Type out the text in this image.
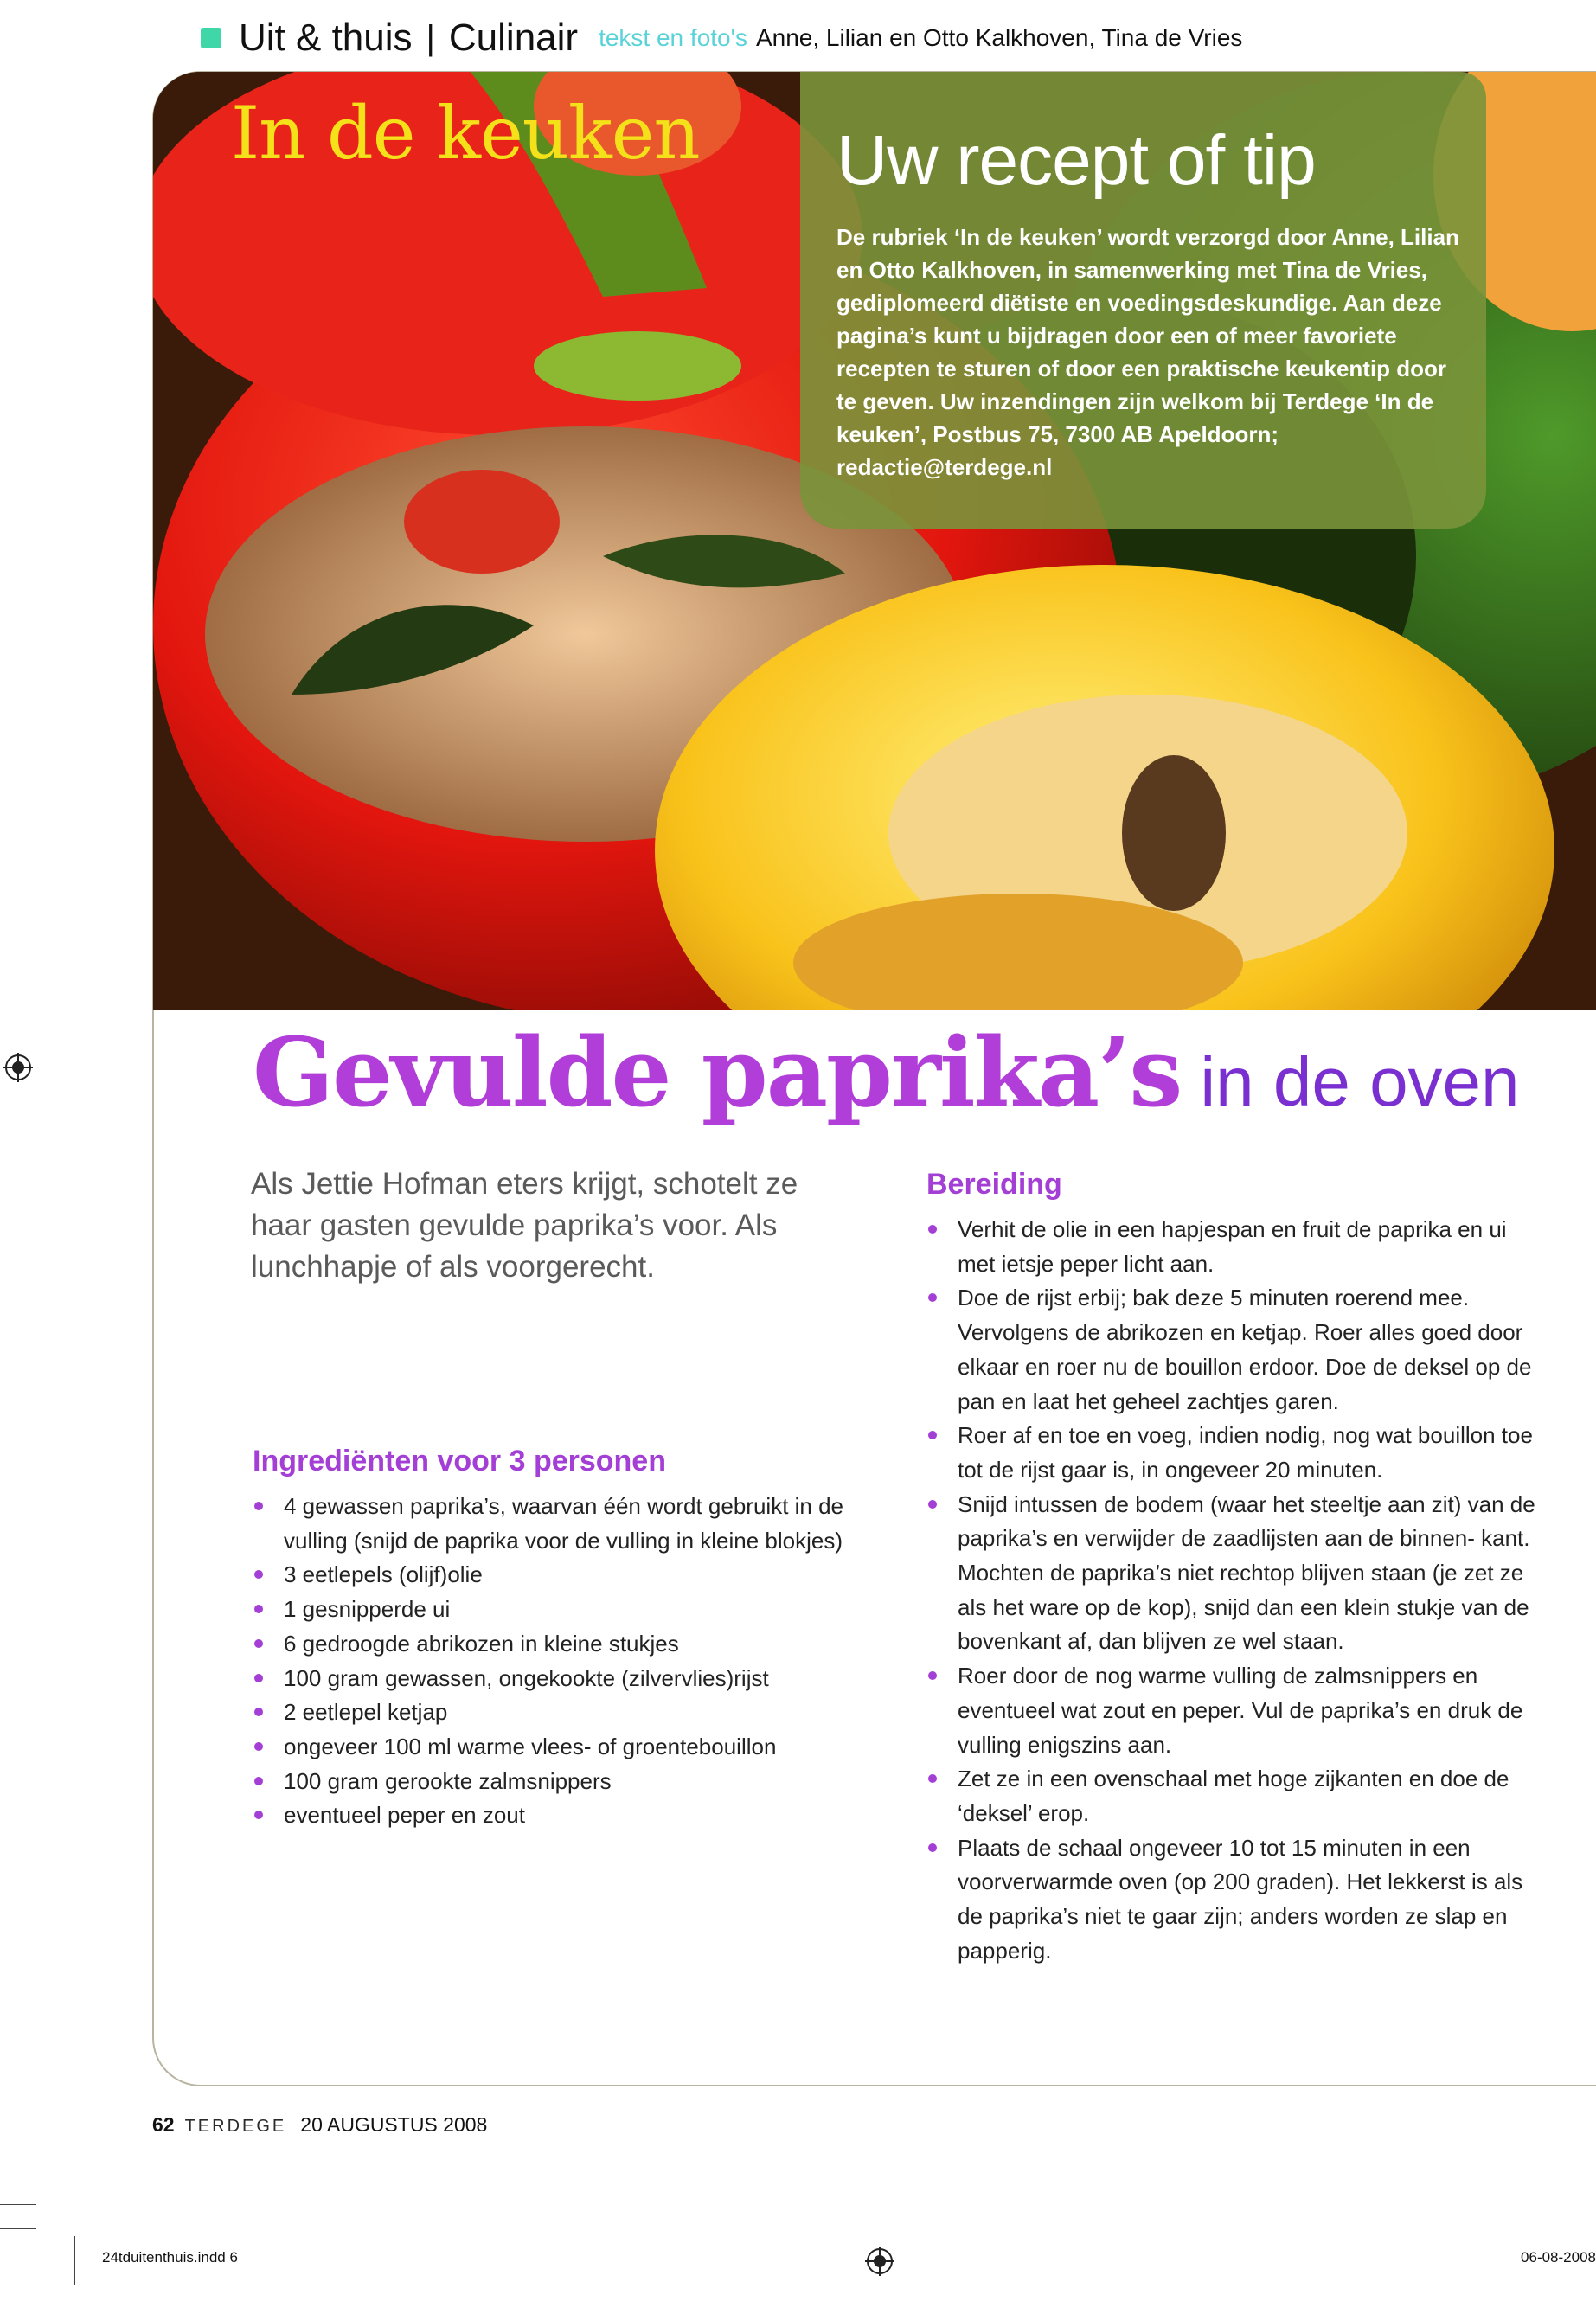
Uit & thuis | Culinair tekst en foto's Anne, Lilian en Otto Kalkhoven, Tina de Vries
In de keuken Uw recept of tip

De rubriek ‘In de keuken’ wordt verzorgd door Anne, Lilian en Otto Kalkhoven, in samenwerking met Tina de Vries, gediplomeerd diëtiste en voedingsdeskundige. Aan deze pagina’s kunt u bijdragen door een of meer favoriete recepten te sturen of door een praktische keukentip door te geven. Uw inzendingen zijn welkom bij Terdege ‘In de keuken’, Postbus 75, 7300 AB Apeldoorn; redactie@terdege.nl

Gevulde paprika’s in de oven

Als Jettie Hofman eters krijgt, schotelt ze haar gasten gevulde paprika’s voor. Als lunchhapje of als voorgerecht.

Ingrediënten voor 3 personen
4 gewassen paprika’s, waarvan één wordt gebruikt in de vulling (snijd de paprika voor de vulling in kleine blokjes)
3 eetlepels (olijf)olie
1 gesnipperde ui
6 gedroogde abrikozen in kleine stukjes
100 gram gewassen, ongekookte (zilvervlies)rijst
2 eetlepel ketjap
ongeveer 100 ml warme vlees- of groentebouillon
100 gram gerookte zalmsnippers
eventueel peper en zout
Bereiding
Verhit de olie in een hapjespan en fruit de paprika en ui met ietsje peper licht aan.
Doe de rijst erbij; bak deze 5 minuten roerend mee. Vervolgens de abrikozen en ketjap. Roer alles goed door elkaar en roer nu de bouillon erdoor. Doe de deksel op de pan en laat het geheel zachtjes garen.
Roer af en toe en voeg, indien nodig, nog wat bouillon toe tot de rijst gaar is, in ongeveer 20 minuten.
Snijd intussen de bodem (waar het steeltje aan zit) van de paprika’s en verwijder de zaadlijsten aan de binnen- kant. Mochten de paprika’s niet rechtop blijven staan (je zet ze als het ware op de kop), snijd dan een klein stukje van de bovenkant af, dan blijven ze wel staan.
Roer door de nog warme vulling de zalmsnippers en eventueel wat zout en peper. Vul de paprika’s en druk de vulling enigszins aan.
Zet ze in een ovenschaal met hoge zijkanten en doe de ‘deksel’ erop.
Plaats de schaal ongeveer 10 tot 15 minuten in een voorverwarmde oven (op 200 graden). Het lekkerst is als de paprika’s niet te gaar zijn; anders worden ze slap en papperig.
62 TERDEGE 20 AUGUSTUS 2008
24tduitenthuis.indd 6	06-08-2008
